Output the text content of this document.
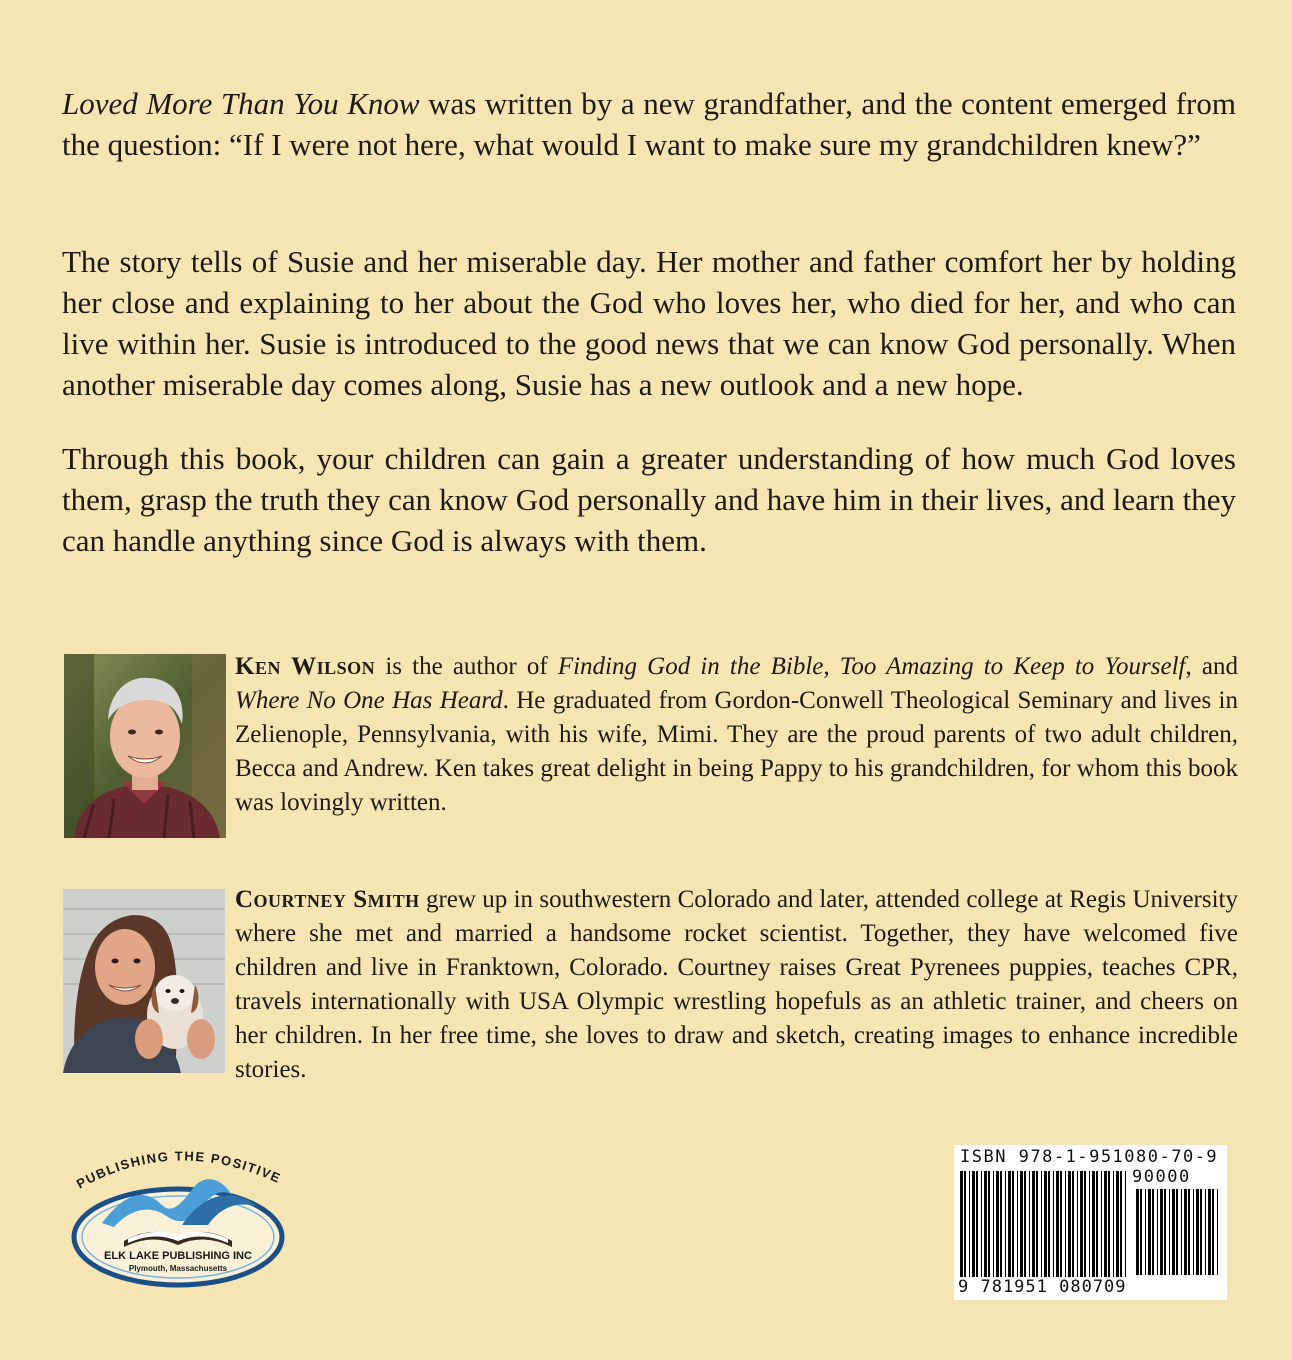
Loved More Than You Know was written by a new grandfather, and the content emerged from the question: “If I were not here, what would I want to make sure my grandchildren knew?”

The story tells of Susie and her miserable day. Her mother and father comfort her by holding her close and explaining to her about the God who loves her, who died for her, and who can live within her. Susie is introduced to the good news that we can know God personally. When another miserable day comes along, Susie has a new outlook and a new hope.

Through this book, your children can gain a greater understanding of how much God loves them, grasp the truth they can know God personally and have him in their lives, and learn they can handle anything since God is always with them.

Ken Wilson is the author of Finding God in the Bible, Too Amazing to Keep to Yourself, and Where No One Has Heard. He graduated from Gordon-Conwell Theological Seminary and lives in Zelienople, Pennsylvania, with his wife, Mimi. They are the proud parents of two adult children, Becca and Andrew. Ken takes great delight in being Pappy to his grandchildren, for whom this book was lovingly written.

Courtney Smith grew up in southwestern Colorado and later, attended college at Regis University where she met and married a handsome rocket scientist. Together, they have welcomed five children and live in Franktown, Colorado. Courtney raises Great Pyrenees puppies, teaches CPR, travels internationally with USA Olympic wrestling hopefuls as an athletic trainer, and cheers on her children. In her free time, she loves to draw and sketch, creating images to enhance incredible stories.

PUBLISHING THE POSITIVE
ELK LAKE PUBLISHING INC
Plymouth, Massachusetts
ISBN 978-1-951080-70-9
90000
9 781951 080709
